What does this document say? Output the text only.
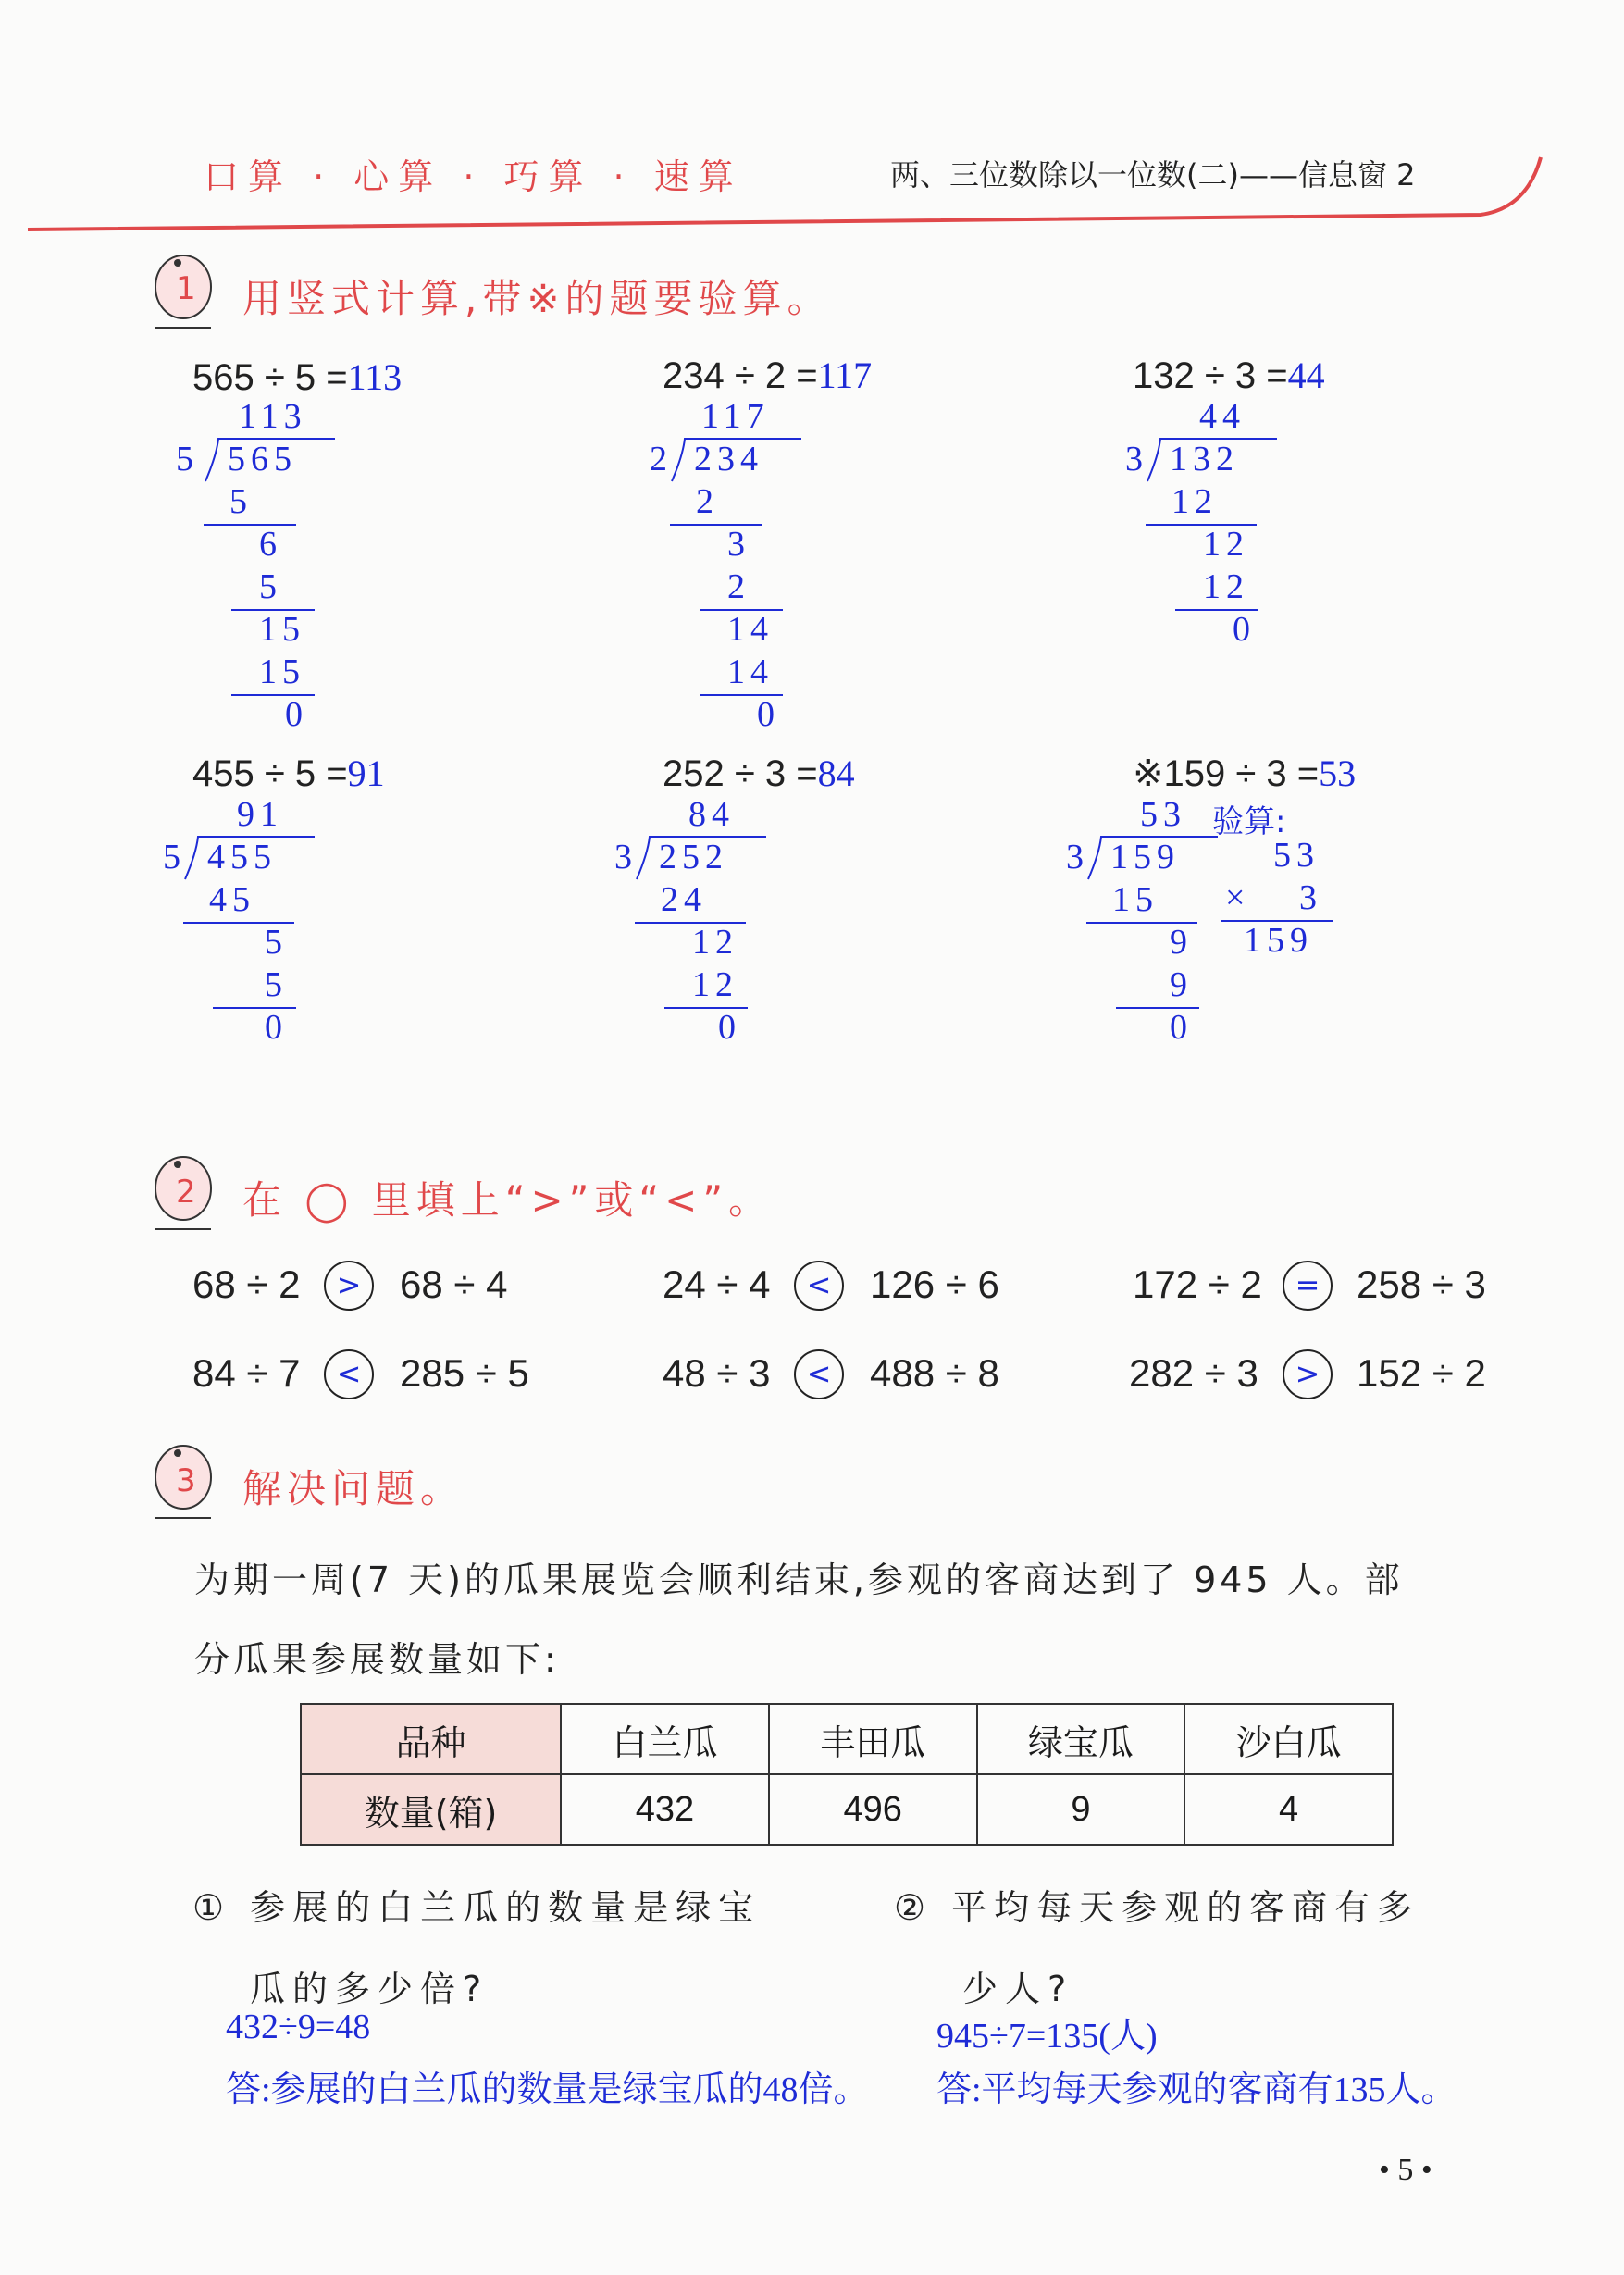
口算 · 心算 · 巧算 · 速算	两、三位数除以一位数(二)——信息窗 2
1 用竖式计算,带※的题要验算。
565 ÷ 5 =113	234 ÷ 2 =117	132 ÷ 3 =44
113
5 565
5
6
5
15
15
0
117
2 234
2
3
2
14
14
0
44
3 132
12
12
12
0
455 ÷ 5 =91	252 ÷ 3 =84	※159 ÷ 3 =53
91
5 455
45
5
5
0
84
3 252
24
12
12
0
53
3 159
15
9
9
0
验算:
53
× 3
159
2 在 ◯ 里填上“>”或“<”。
68 ÷ 2	> 68 ÷ 4	24 ÷ 4	< 126 ÷ 6	172 ÷ 2	= 258 ÷ 3
84 ÷ 7	< 285 ÷ 5	48 ÷ 3	< 488 ÷ 8	282 ÷ 3	> 152 ÷ 2
3 解决问题。
为期一周(7 天)的瓜果展览会顺利结束,参观的客商达到了 945 人。部
分瓜果参展数量如下:
品种	白兰瓜	丰田瓜	绿宝瓜	沙白瓜
数量(箱)	432	496	9	4
① 参展的白兰瓜的数量是绿宝
瓜的多少倍?
432÷9=48
答:参展的白兰瓜的数量是绿宝瓜的48倍。
② 平均每天参观的客商有多
少人?
945÷7=135(人)
答:平均每天参观的客商有135人。
• 5 •
